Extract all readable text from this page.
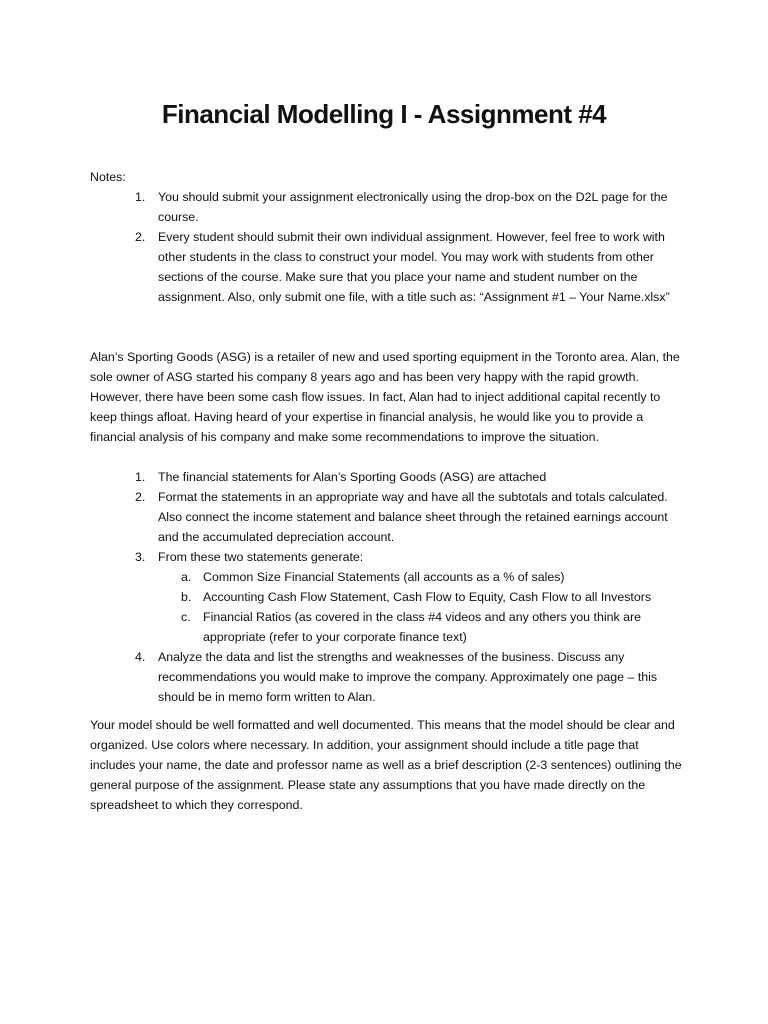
Financial Modelling I - Assignment #4

Notes:

1. You should submit your assignment electronically using the drop-box on the D2L page for the course.
2. Every student should submit their own individual assignment. However, feel free to work with other students in the class to construct your model. You may work with students from other sections of the course. Make sure that you place your name and student number on the assignment. Also, only submit one file, with a title such as: “Assignment #1 – Your Name.xlsx”

Alan’s Sporting Goods (ASG) is a retailer of new and used sporting equipment in the Toronto area. Alan, the sole owner of ASG started his company 8 years ago and has been very happy with the rapid growth. However, there have been some cash flow issues. In fact, Alan had to inject additional capital recently to keep things afloat. Having heard of your expertise in financial analysis, he would like you to provide a financial analysis of his company and make some recommendations to improve the situation.

1. The financial statements for Alan’s Sporting Goods (ASG) are attached
2. Format the statements in an appropriate way and have all the subtotals and totals calculated. Also connect the income statement and balance sheet through the retained earnings account and the accumulated depreciation account.
3. From these two statements generate:
a. Common Size Financial Statements (all accounts as a % of sales)
b. Accounting Cash Flow Statement, Cash Flow to Equity, Cash Flow to all Investors
c. Financial Ratios (as covered in the class #4 videos and any others you think are appropriate (refer to your corporate finance text)
4. Analyze the data and list the strengths and weaknesses of the business. Discuss any recommendations you would make to improve the company. Approximately one page – this should be in memo form written to Alan.

Your model should be well formatted and well documented. This means that the model should be clear and organized. Use colors where necessary. In addition, your assignment should include a title page that includes your name, the date and professor name as well as a brief description (2-3 sentences) outlining the general purpose of the assignment. Please state any assumptions that you have made directly on the spreadsheet to which they correspond.
